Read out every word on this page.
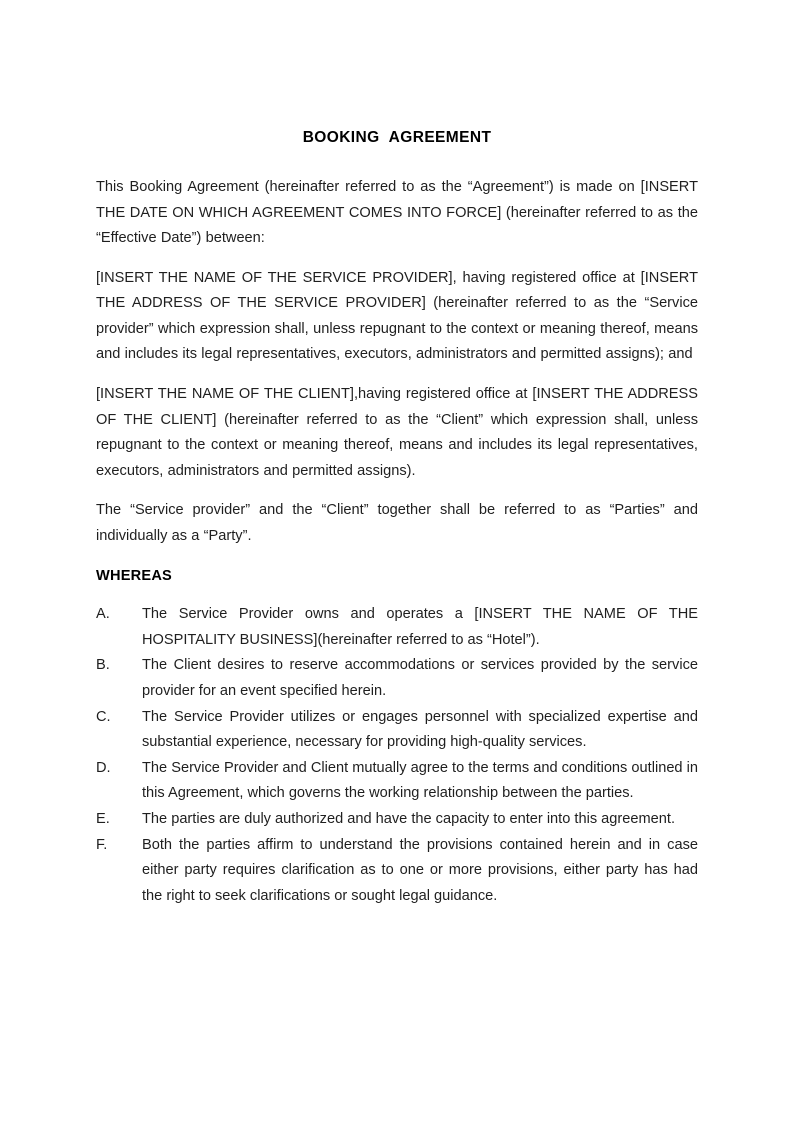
BOOKING AGREEMENT

This Booking Agreement (hereinafter referred to as the “Agreement”) is made on [INSERT THE DATE ON WHICH AGREEMENT COMES INTO FORCE] (hereinafter referred to as the “Effective Date”) between:

[INSERT THE NAME OF THE SERVICE PROVIDER], having registered office at [INSERT THE ADDRESS OF THE SERVICE PROVIDER] (hereinafter referred to as the “Service provider” which expression shall, unless repugnant to the context or meaning thereof, means and includes its legal representatives, executors, administrators and permitted assigns); and

[INSERT THE NAME OF THE CLIENT],having registered office at [INSERT THE ADDRESS OF THE CLIENT] (hereinafter referred to as the “Client” which expression shall, unless repugnant to the context or meaning thereof, means and includes its legal representatives, executors, administrators and permitted assigns).

The “Service provider” and the “Client” together shall be referred to as “Parties” and individually as a “Party”.

WHEREAS
A.	The Service Provider owns and operates a [INSERT THE NAME OF THE HOSPITALITY BUSINESS](hereinafter referred to as “Hotel”).
B.	The Client desires to reserve accommodations or services provided by the service provider for an event specified herein.
C.	The Service Provider utilizes or engages personnel with specialized expertise and substantial experience, necessary for providing high-quality services.
D.	The Service Provider and Client mutually agree to the terms and conditions outlined in this Agreement, which governs the working relationship between the parties.
E.	The parties are duly authorized and have the capacity to enter into this agreement.
F.	Both the parties affirm to understand the provisions contained herein and in case either party requires clarification as to one or more provisions, either party has had the right to seek clarifications or sought legal guidance.
